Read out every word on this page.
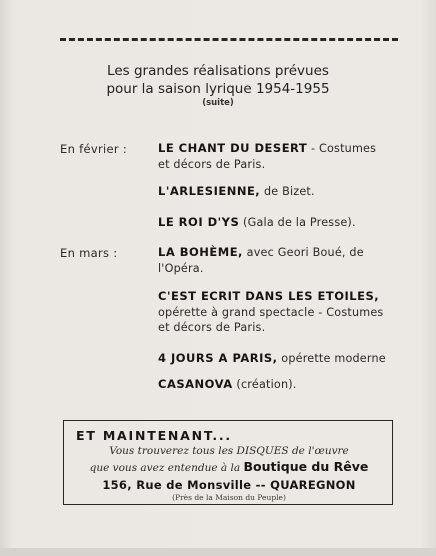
Les grandes réalisations prévues
pour la saison lyrique 1954-1955
(suite)
En février :	LE CHANT DU DESERT - Costumes
et décors de Paris.
L'ARLESIENNE, de Bizet.
LE ROI D'YS (Gala de la Presse).
En mars :	LA BOHÈME, avec Geori Boué, de
l'Opéra.
C'EST ECRIT DANS LES ETOILES,
opérette à grand spectacle - Costumes
et décors de Paris.
4 JOURS A PARIS, opérette moderne
CASANOVA (création).
ET MAINTENANT...
Vous trouverez tous les DISQUES de l'œuvre
que vous avez entendue à la Boutique du Rêve
156, Rue de Monsville -- QUAREGNON
(Près de la Maison du Peuple)
